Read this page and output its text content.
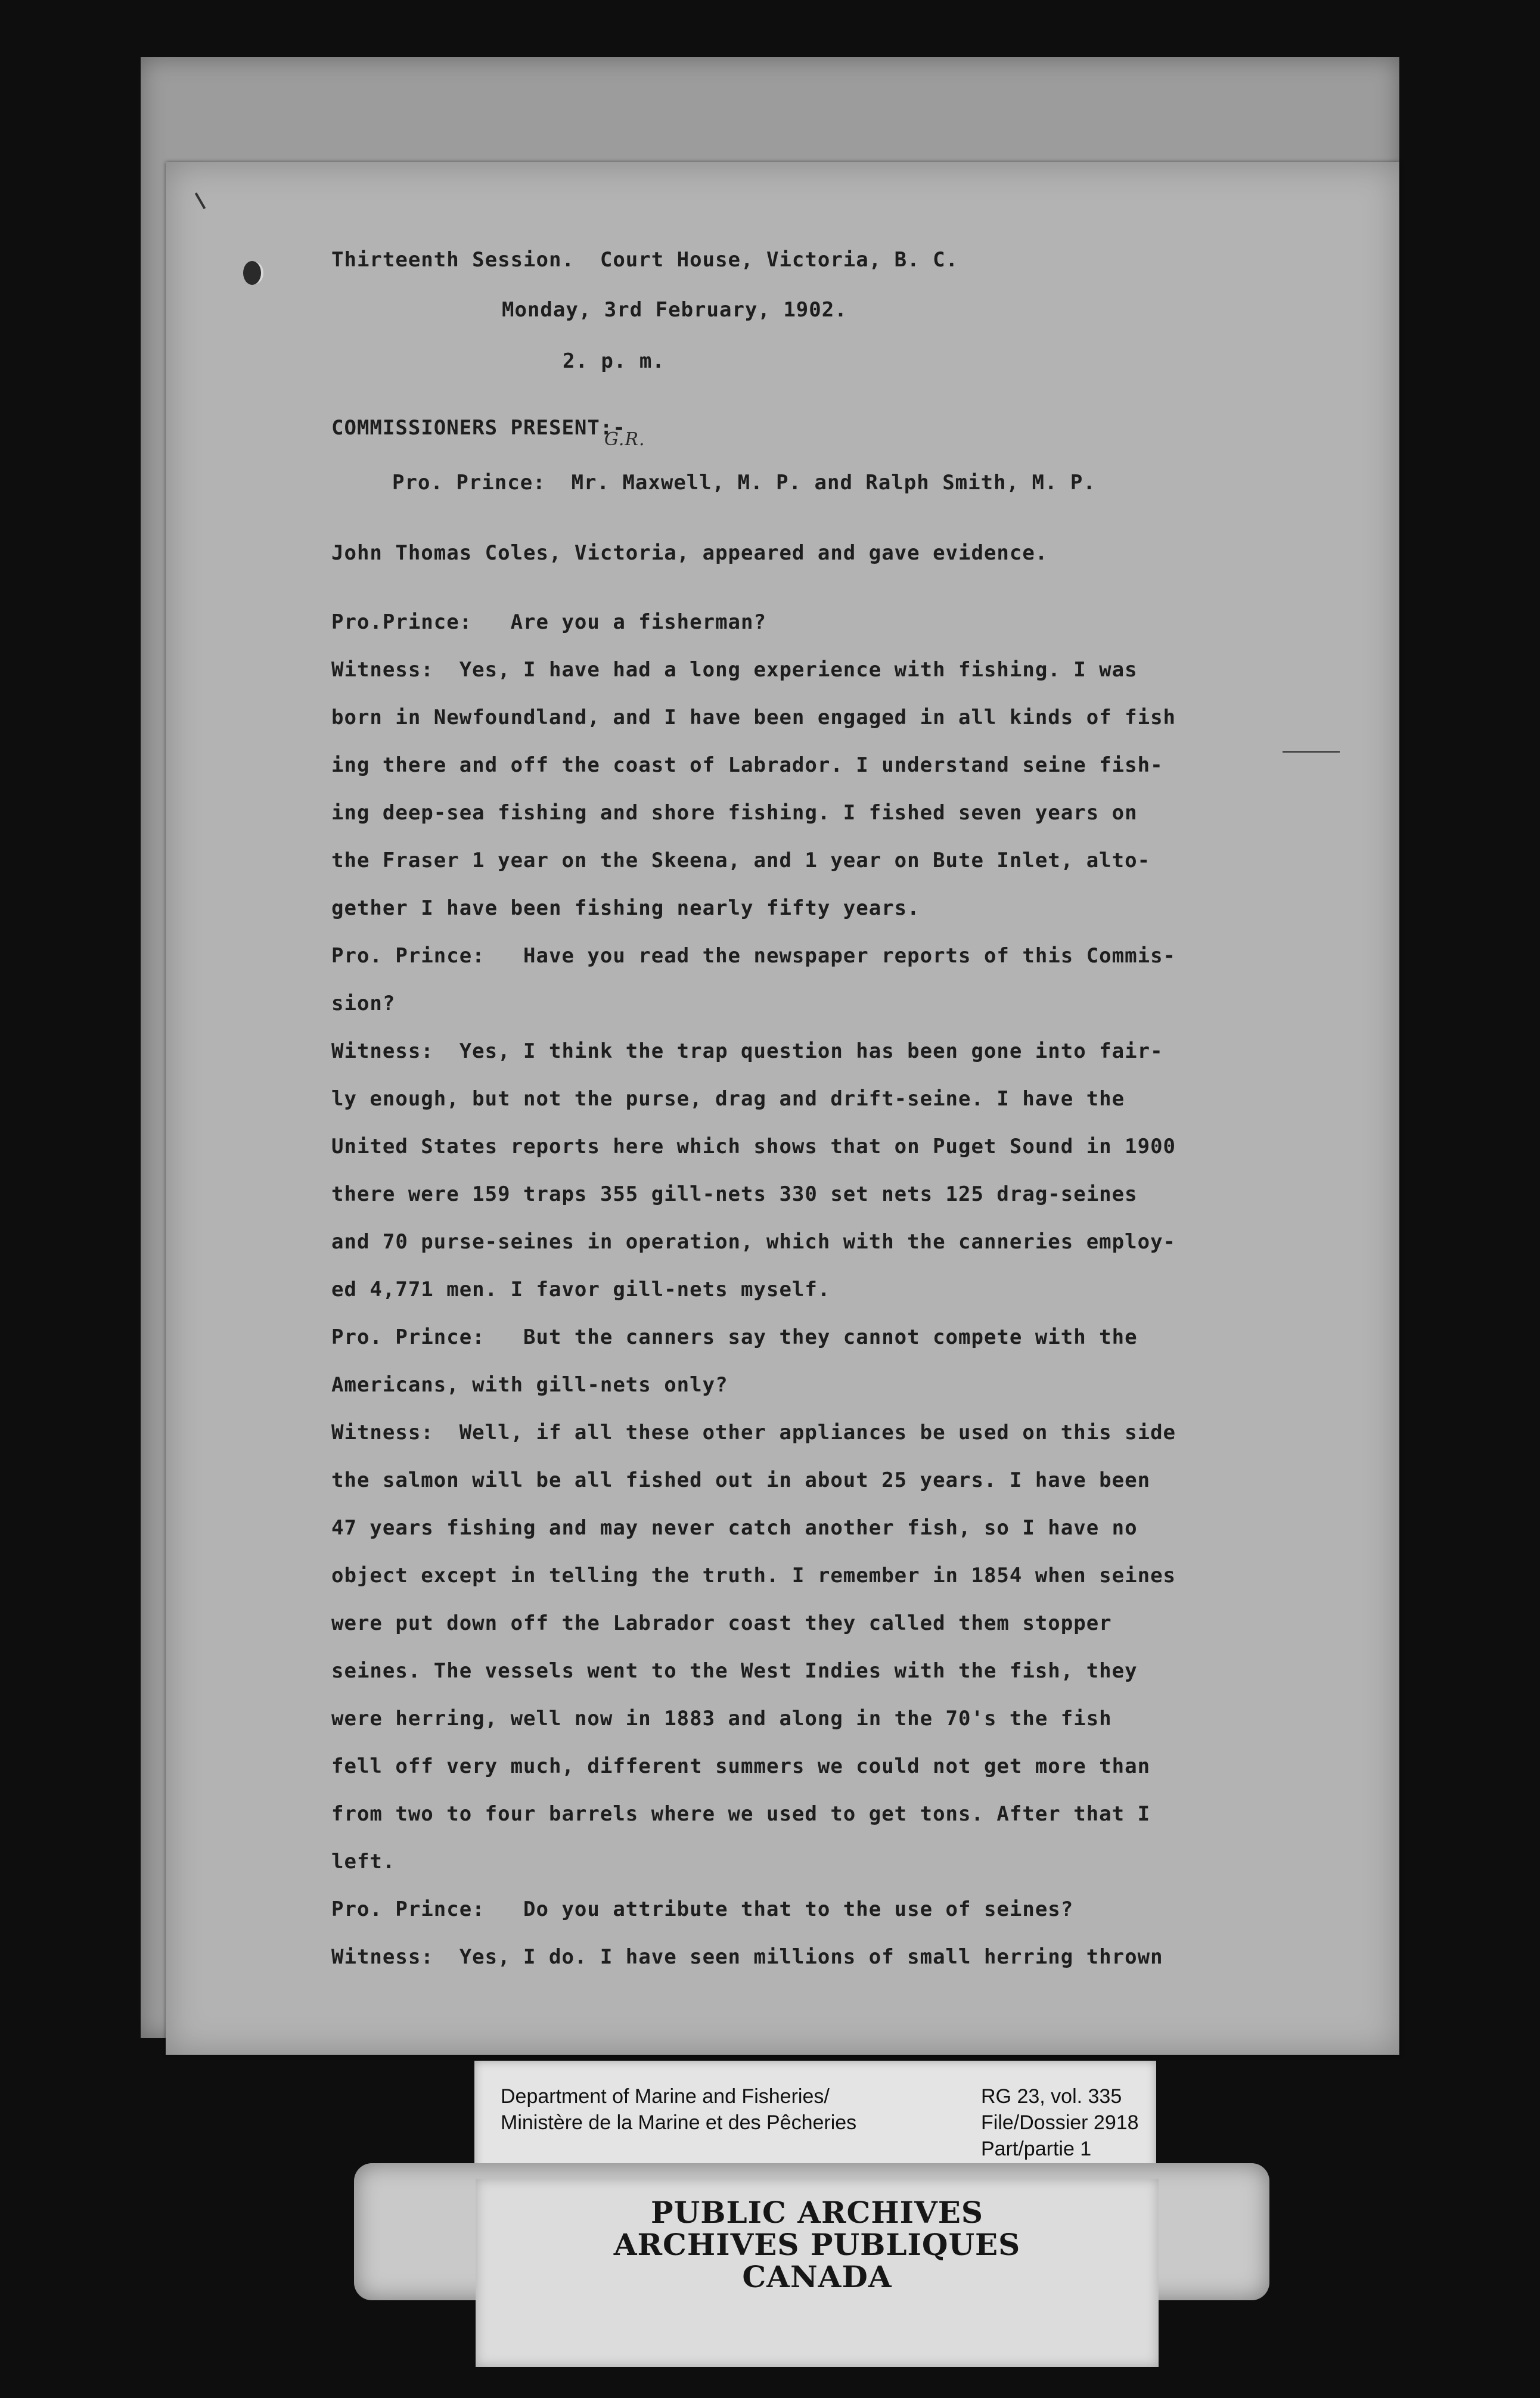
Thirteenth Session.  Court House, Victoria, B. C.
Monday, 3rd February, 1902.
2. p. m.
COMMISSIONERS PRESENT:-
G.R.
Pro. Prince:  Mr. Maxwell, M. P. and Ralph Smith, M. P.
John Thomas Coles, Victoria, appeared and gave evidence.
Pro.Prince:   Are you a fisherman?
Witness:  Yes, I have had a long experience with fishing. I was
born in Newfoundland, and I have been engaged in all kinds of fish
ing there and off the coast of Labrador. I understand seine fish-
ing deep-sea fishing and shore fishing. I fished seven years on
the Fraser 1 year on the Skeena, and 1 year on Bute Inlet, alto-
gether I have been fishing nearly fifty years.
Pro. Prince:   Have you read the newspaper reports of this Commis-
sion?
Witness:  Yes, I think the trap question has been gone into fair-
ly enough, but not the purse, drag and drift-seine. I have the
United States reports here which shows that on Puget Sound in 1900
there were 159 traps 355 gill-nets 330 set nets 125 drag-seines
and 70 purse-seines in operation, which with the canneries employ-
ed 4,771 men. I favor gill-nets myself.
Pro. Prince:   But the canners say they cannot compete with the
Americans, with gill-nets only?
Witness:  Well, if all these other appliances be used on this side
the salmon will be all fished out in about 25 years. I have been
47 years fishing and may never catch another fish, so I have no
object except in telling the truth. I remember in 1854 when seines
were put down off the Labrador coast they called them stopper
seines. The vessels went to the West Indies with the fish, they
were herring, well now in 1883 and along in the 70's the fish
fell off very much, different summers we could not get more than
from two to four barrels where we used to get tons. After that I
left.
Pro. Prince:   Do you attribute that to the use of seines?
Witness:  Yes, I do. I have seen millions of small herring thrown
Department of Marine and Fisheries/
Ministère de la Marine et des Pêcheries
RG 23, vol. 335
File/Dossier 2918
Part/partie 1
PUBLIC ARCHIVES
ARCHIVES PUBLIQUES
CANADA
